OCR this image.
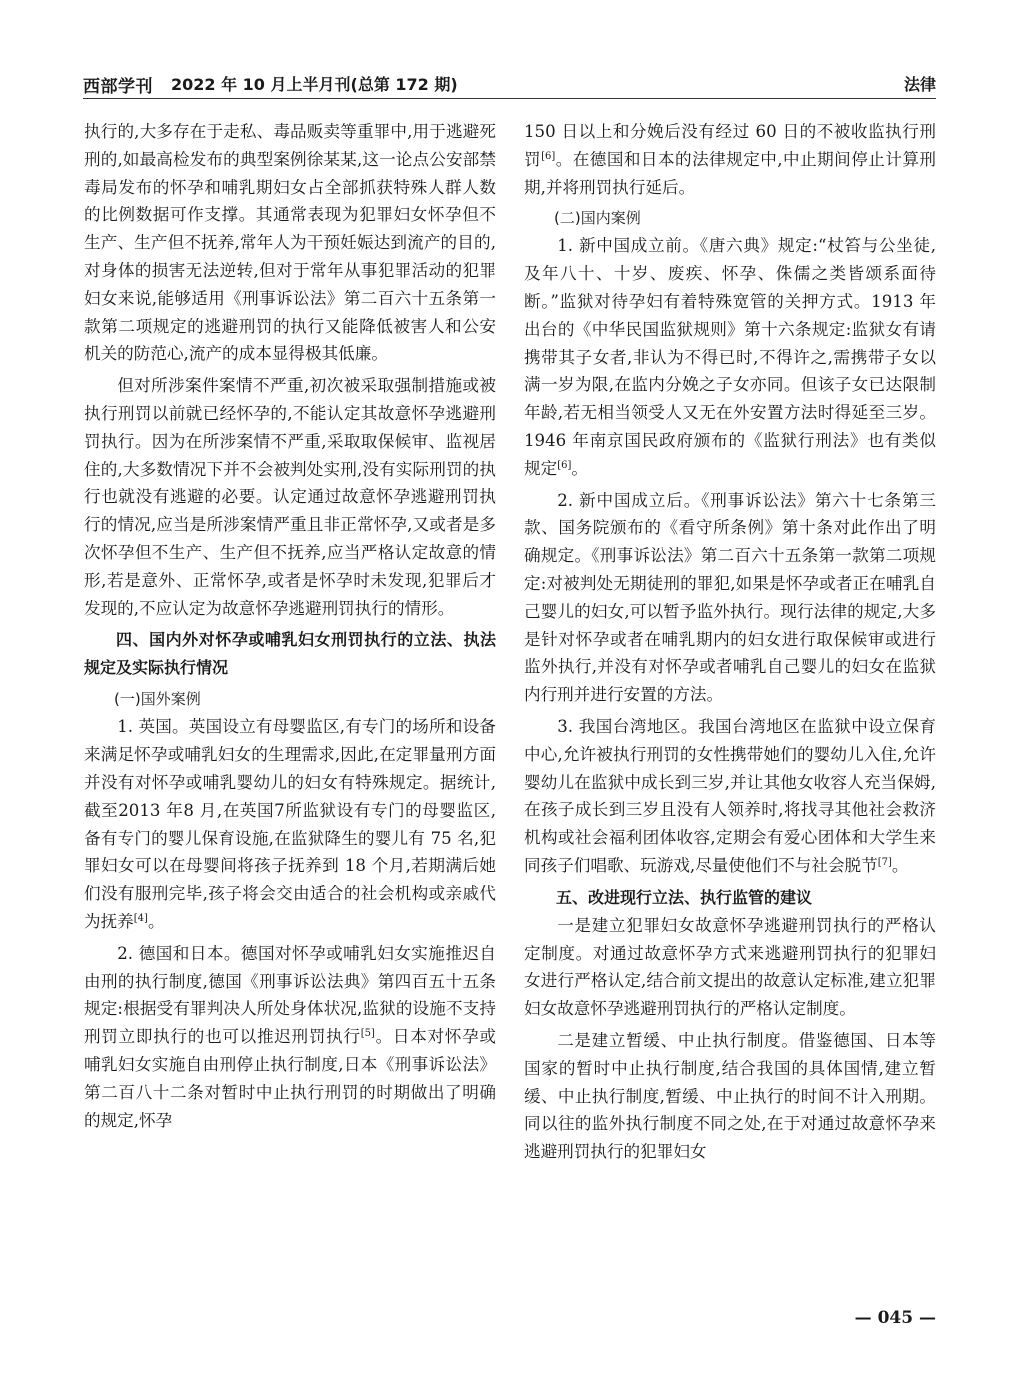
西部学刊 2022 年 10 月上半月刊(总第 172 期)	法律

执行的,大多存在于走私、毒品贩卖等重罪中,用于逃避死刑的,如最高检发布的典型案例徐某某,这一论点公安部禁毒局发布的怀孕和哺乳期妇女占全部抓获特殊人群人数的比例数据可作支撑。其通常表现为犯罪妇女怀孕但不生产、生产但不抚养,常年人为干预妊娠达到流产的目的,对身体的损害无法逆转,但对于常年从事犯罪活动的犯罪妇女来说,能够适用《刑事诉讼法》第二百六十五条第一款第二项规定的逃避刑罚的执行又能降低被害人和公安机关的防范心,流产的成本显得极其低廉。

但对所涉案件案情不严重,初次被采取强制措施或被执行刑罚以前就已经怀孕的,不能认定其故意怀孕逃避刑罚执行。因为在所涉案情不严重,采取取保候审、监视居住的,大多数情况下并不会被判处实刑,没有实际刑罚的执行也就没有逃避的必要。认定通过故意怀孕逃避刑罚执行的情况,应当是所涉案情严重且非正常怀孕,又或者是多次怀孕但不生产、生产但不抚养,应当严格认定故意的情形,若是意外、正常怀孕,或者是怀孕时未发现,犯罪后才发现的,不应认定为故意怀孕逃避刑罚执行的情形。

四、国内外对怀孕或哺乳妇女刑罚执行的立法、执法规定及实际执行情况
(一)国外案例

1. 英国。英国设立有母婴监区,有专门的场所和设备来满足怀孕或哺乳妇女的生理需求,因此,在定罪量刑方面并没有对怀孕或哺乳婴幼儿的妇女有特殊规定。据统计,截至2013 年8 月,在英国7所监狱设有专门的母婴监区,备有专门的婴儿保育设施,在监狱降生的婴儿有 75 名,犯罪妇女可以在母婴间将孩子抚养到 18 个月,若期满后她们没有服刑完毕,孩子将会交由适合的社会机构或亲戚代为抚养[4]。

2. 德国和日本。德国对怀孕或哺乳妇女实施推迟自由刑的执行制度,德国《刑事诉讼法典》第四百五十五条规定:根据受有罪判决人所处身体状况,监狱的设施不支持刑罚立即执行的也可以推迟刑罚执行[5]。日本对怀孕或哺乳妇女实施自由刑停止执行制度,日本《刑事诉讼法》第二百八十二条对暂时中止执行刑罚的时期做出了明确的规定,怀孕

150 日以上和分娩后没有经过 60 日的不被收监执行刑罚[6]。在德国和日本的法律规定中,中止期间停止计算刑期,并将刑罚执行延后。

(二)国内案例

1. 新中国成立前。《唐六典》规定:“杖笞与公坐徒,及年八十、十岁、废疾、怀孕、侏儒之类皆颂系面待断。”监狱对待孕妇有着特殊宽管的关押方式。1913 年出台的《中华民国监狱规则》第十六条规定:监狱女有请携带其子女者,非认为不得已时,不得许之,需携带子女以满一岁为限,在监内分娩之子女亦同。但该子女已达限制年龄,若无相当领受人又无在外安置方法时得延至三岁。1946 年南京国民政府颁布的《监狱行刑法》也有类似规定[6]。

2. 新中国成立后。《刑事诉讼法》第六十七条第三款、国务院颁布的《看守所条例》第十条对此作出了明确规定。《刑事诉讼法》第二百六十五条第一款第二项规定:对被判处无期徒刑的罪犯,如果是怀孕或者正在哺乳自己婴儿的妇女,可以暂予监外执行。现行法律的规定,大多是针对怀孕或者在哺乳期内的妇女进行取保候审或进行监外执行,并没有对怀孕或者哺乳自己婴儿的妇女在监狱内行刑并进行安置的方法。

3. 我国台湾地区。我国台湾地区在监狱中设立保育中心,允许被执行刑罚的女性携带她们的婴幼儿入住,允许婴幼儿在监狱中成长到三岁,并让其他女收容人充当保姆,在孩子成长到三岁且没有人领养时,将找寻其他社会救济机构或社会福利团体收容,定期会有爱心团体和大学生来同孩子们唱歌、玩游戏,尽量使他们不与社会脱节[7]。

五、改进现行立法、执行监管的建议

一是建立犯罪妇女故意怀孕逃避刑罚执行的严格认定制度。对通过故意怀孕方式来逃避刑罚执行的犯罪妇女进行严格认定,结合前文提出的故意认定标准,建立犯罪妇女故意怀孕逃避刑罚执行的严格认定制度。

二是建立暂缓、中止执行制度。借鉴德国、日本等国家的暂时中止执行制度,结合我国的具体国情,建立暂缓、中止执行制度,暂缓、中止执行的时间不计入刑期。同以往的监外执行制度不同之处,在于对通过故意怀孕来逃避刑罚执行的犯罪妇女

— 045 —
